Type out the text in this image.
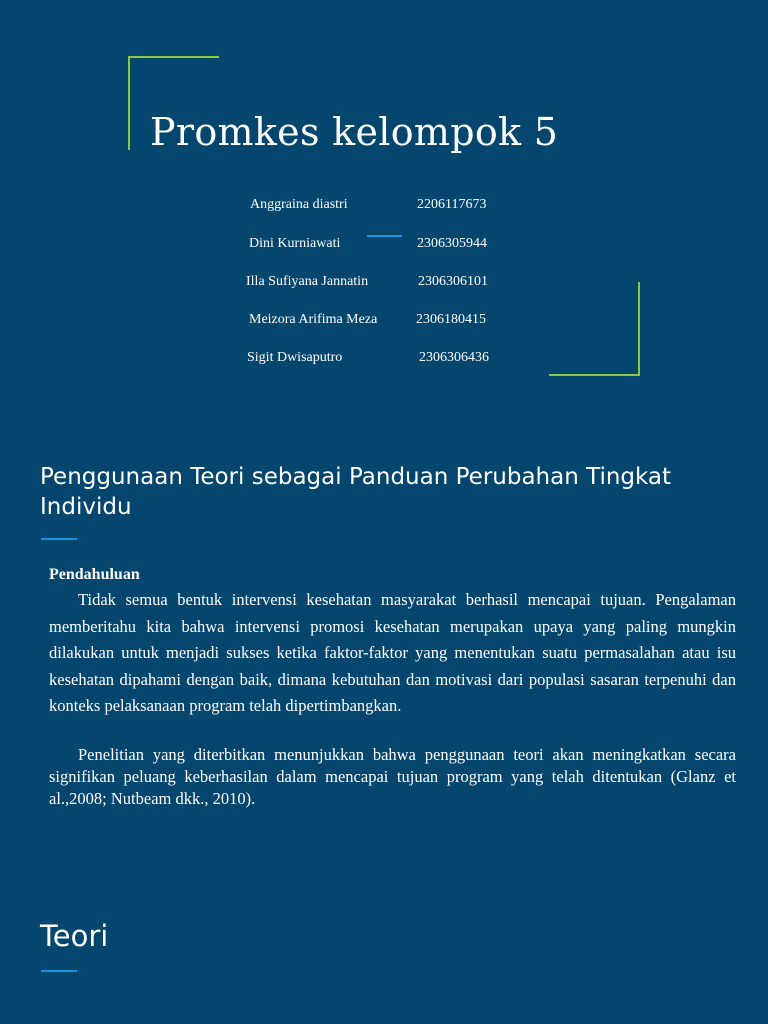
Promkes kelompok 5
Anggraina diastri	2206117673
Dini Kurniawati	2306305944
Illa Sufiyana Jannatin	2306306101
Meizora Arifima Meza	2306180415
Sigit Dwisaputro	2306306436
Penggunaan Teori sebagai Panduan Perubahan Tingkat Individu
Pendahuluan
Tidak semua bentuk intervensi kesehatan masyarakat berhasil mencapai tujuan. Pengalaman memberitahu kita bahwa intervensi promosi kesehatan merupakan upaya yang paling mungkin dilakukan untuk menjadi sukses ketika faktor-faktor yang menentukan suatu permasalahan atau isu kesehatan dipahami dengan baik, dimana kebutuhan dan motivasi dari populasi sasaran terpenuhi dan konteks pelaksanaan program telah dipertimbangkan.
Penelitian yang diterbitkan menunjukkan bahwa penggunaan teori akan meningkatkan secara signifikan peluang keberhasilan dalam mencapai tujuan program yang telah ditentukan (Glanz et al.,2008; Nutbeam dkk., 2010).
Teori
